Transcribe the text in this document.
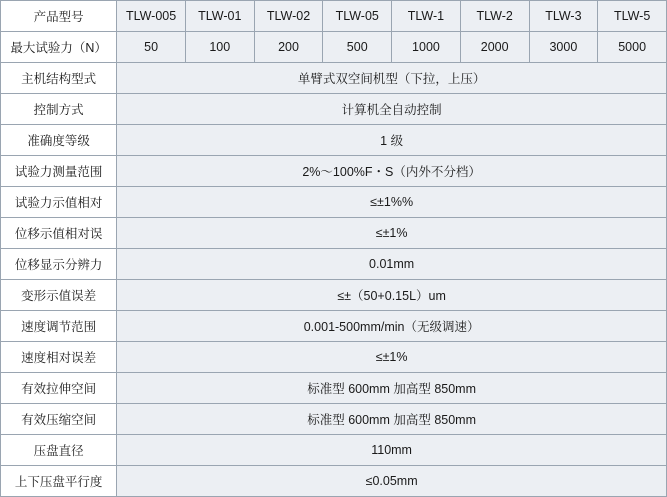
产品型号	TLW-005	TLW-01	TLW-02	TLW-05	TLW-1	TLW-2	TLW-3	TLW-5
最大试验力（N）	50	100	200	500	1000	2000	3000	5000
主机结构型式	单臂式双空间机型（下拉，上压）							
控制方式	计算机全自动控制							
准确度等级	1 级							
试验力测量范围	2%～100%F・S（内外不分档）							
试验力示值相对	≤±1%%							
位移示值相对误	≤±1%							
位移显示分辨力	0.01mm							
变形示值误差	≤±（50+0.15L）um							
速度调节范围	0.001-500mm/min（无级调速）							
速度相对误差	≤±1%							
有效拉伸空间	标准型 600mm 加高型 850mm							
有效压缩空间	标准型 600mm 加高型 850mm							
压盘直径	110mm							
上下压盘平行度	≤0.05mm							
